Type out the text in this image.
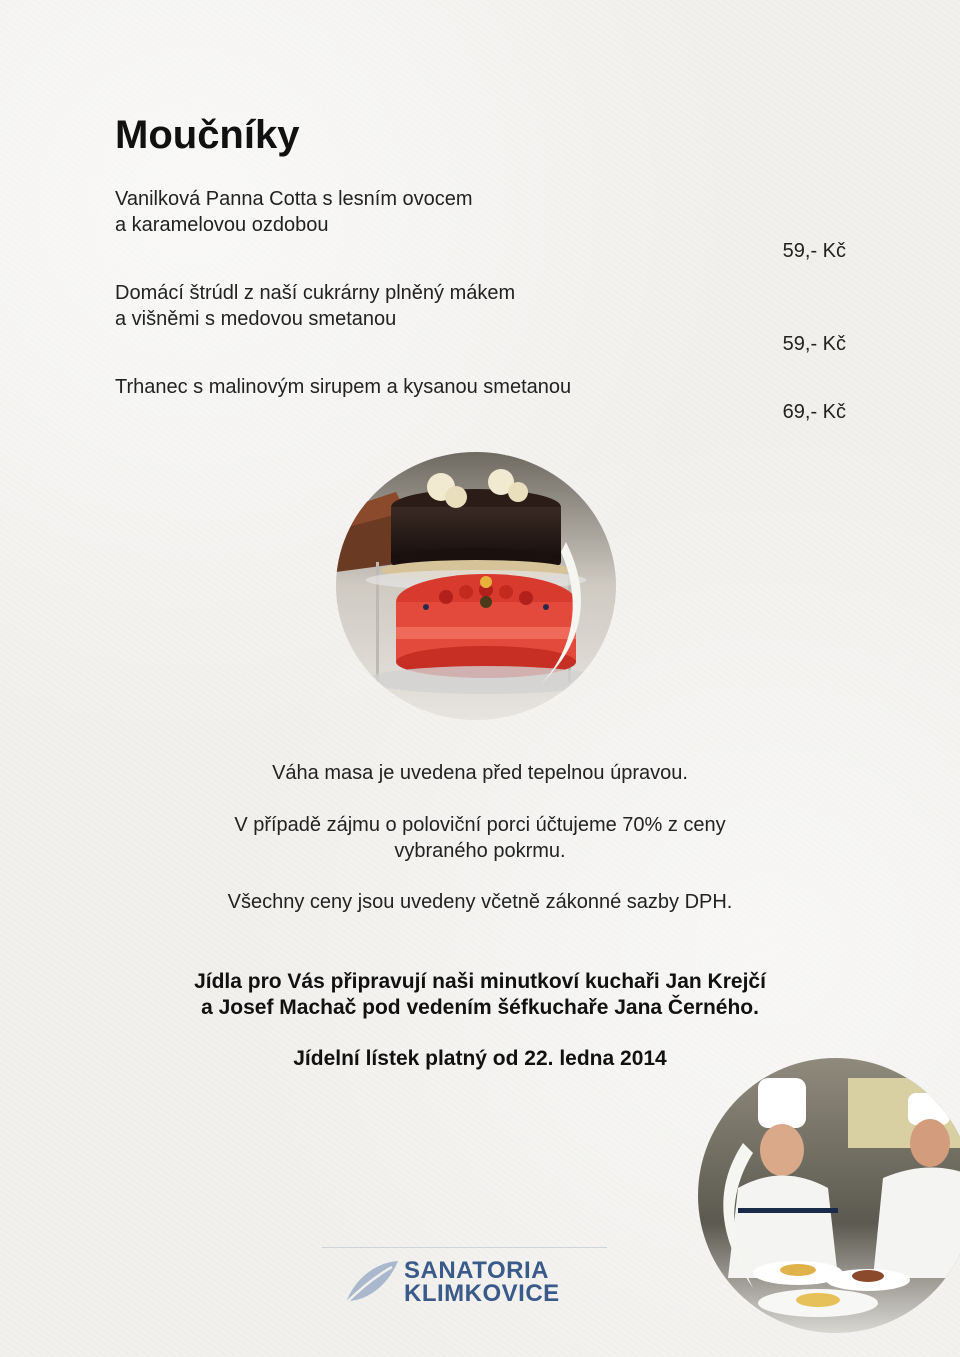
Moučníky
Vanilková Panna Cotta s lesním ovocem
a karamelovou ozdobou
59,- Kč
Domácí štrúdl z naší cukrárny plněný mákem
a višněmi s medovou smetanou
59,- Kč
Trhanec s malinovým sirupem a kysanou smetanou
69,- Kč
Váha masa je uvedena před tepelnou úpravou.
V případě zájmu o poloviční porci účtujeme 70% z ceny
vybraného pokrmu.
Všechny ceny jsou uvedeny včetně zákonné sazby DPH.
Jídla pro Vás připravují naši minutkoví kuchaři Jan Krejčí
a Josef Machač pod vedením šéfkuchaře Jana Černého.
Jídelní lístek platný od 22. ledna 2014
SANATORIA
KLIMKOVICE
